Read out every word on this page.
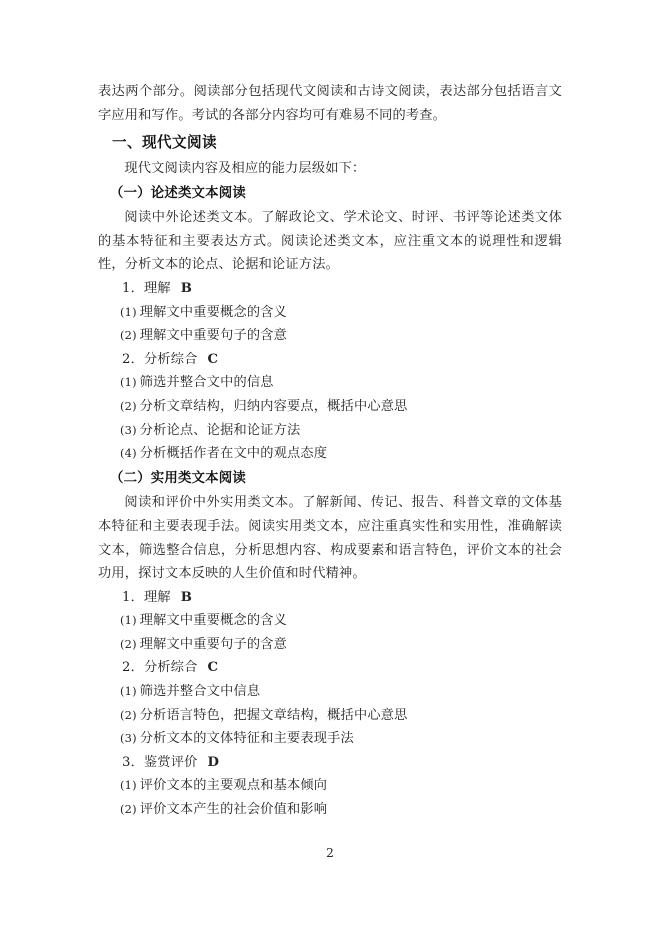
表达两个部分。阅读部分包括现代文阅读和古诗文阅读，表达部分包括语言文字应用和写作。考试的各部分内容均可有难易不同的考查。

一、现代文阅读

现代文阅读内容及相应的能力层级如下：

（一）论述类文本阅读

阅读中外论述类文本。了解政论文、学术论文、时评、书评等论述类文体的基本特征和主要表达方式。阅读论述类文本，应注重文本的说理性和逻辑性，分析文本的论点、论据和论证方法。

1．理解 B

(1) 理解文中重要概念的含义

(2) 理解文中重要句子的含意

2．分析综合 C

(1) 筛选并整合文中的信息

(2) 分析文章结构，归纳内容要点，概括中心意思

(3) 分析论点、论据和论证方法

(4) 分析概括作者在文中的观点态度

（二）实用类文本阅读

阅读和评价中外实用类文本。了解新闻、传记、报告、科普文章的文体基本特征和主要表现手法。阅读实用类文本，应注重真实性和实用性，准确解读文本，筛选整合信息，分析思想内容、构成要素和语言特色，评价文本的社会功用，探讨文本反映的人生价值和时代精神。

1．理解 B

(1) 理解文中重要概念的含义

(2) 理解文中重要句子的含意

2．分析综合 C

(1) 筛选并整合文中信息

(2) 分析语言特色，把握文章结构，概括中心意思

(3) 分析文本的文体特征和主要表现手法

3．鉴赏评价 D

(1) 评价文本的主要观点和基本倾向

(2) 评价文本产生的社会价值和影响

2
